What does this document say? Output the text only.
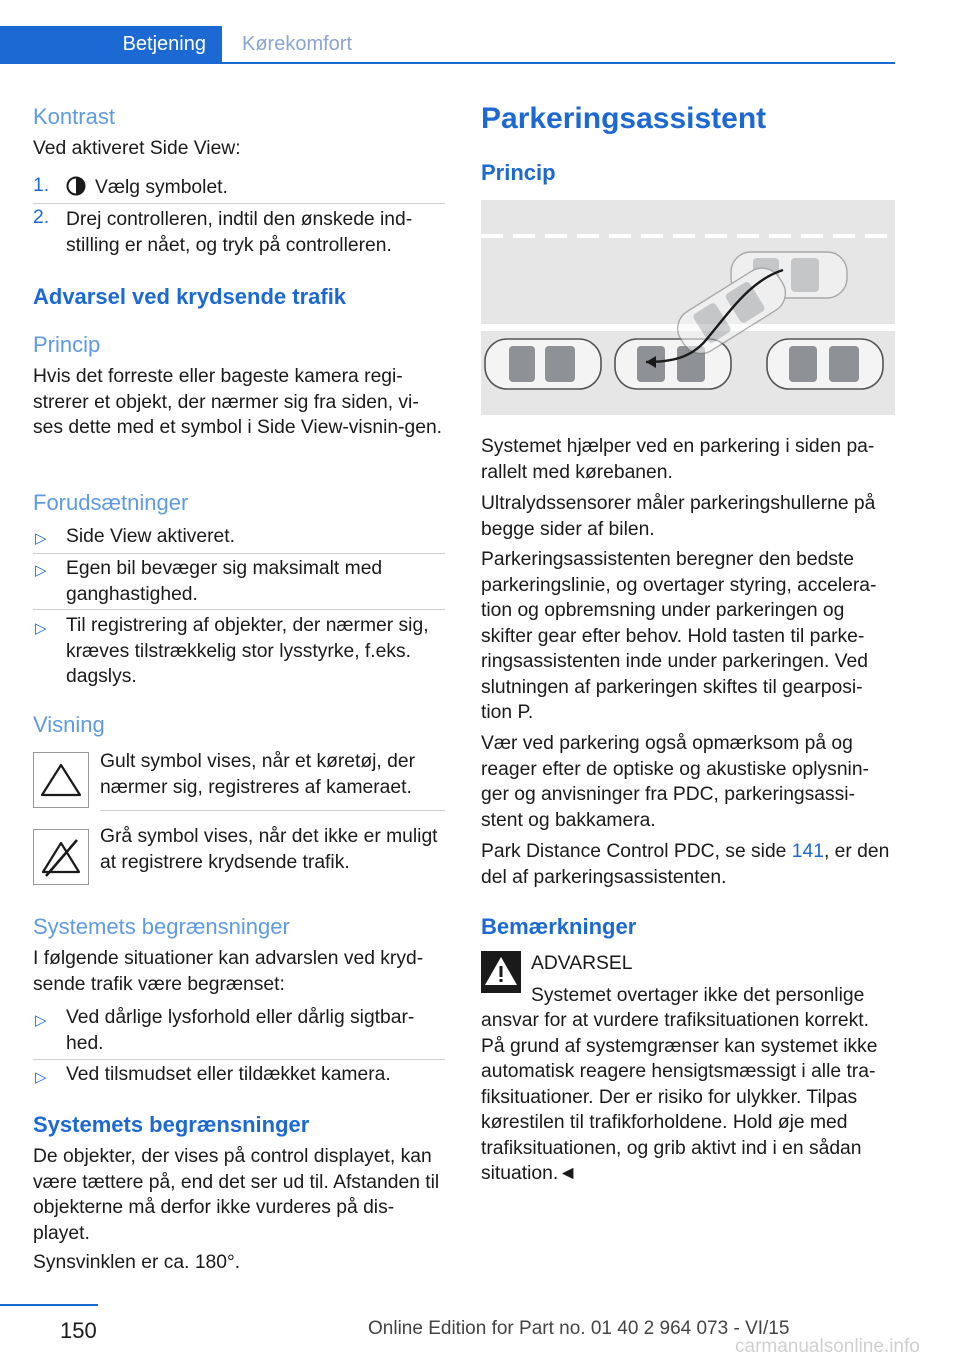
Betjening	Kørekomfort
Kontrast

Ved aktiveret Side View:

1. Vælg symbolet.
2. Drej controlleren, indtil den ønskede ind‐stilling er nået, og tryk på controlleren.
Advarsel ved krydsende trafik
Princip

Hvis det forreste eller bageste kamera regi‐strerer et objekt, der nærmer sig fra siden, vi‐ses dette med et symbol i Side View-visnin‐gen.

Forudsætninger
▷ Side View aktiveret.
▷ Egen bil bevæger sig maksimalt med ganghastighed.
▷ Til registrering af objekter, der nærmer sig, kræves tilstrækkelig stor lysstyrke, f.eks. dagslys.
Visning

Gult symbol vises, når et køretøj, der nærmer sig, registreres af kameraet.

Grå symbol vises, når det ikke er muligt at registrere krydsende trafik.

Systemets begrænsninger

I følgende situationer kan advarslen ved kryd‐sende trafik være begrænset:

▷ Ved dårlige lysforhold eller dårlig sigtbar‐hed.
▷ Ved tilsmudset eller tildækket kamera.
Systemets begrænsninger

De objekter, der vises på control displayet, kan være tættere på, end det ser ud til. Afstanden til objekterne må derfor ikke vurderes på dis‐playet.

Synsvinklen er ca. 180°.

Parkeringsassistent
Princip

Systemet hjælper ved en parkering i siden pa‐rallelt med kørebanen.

Ultralydssensorer måler parkeringshullerne på begge sider af bilen.

Parkeringsassistenten beregner den bedste parkeringslinie, og overtager styring, accelera‐tion og opbremsning under parkeringen og skifter gear efter behov. Hold tasten til parke‐ringsassistenten inde under parkeringen. Ved slutningen af parkeringen skiftes til gearposi‐tion P.

Vær ved parkering også opmærksom på og reager efter de optiske og akustiske oplysnin‐ger og anvisninger fra PDC, parkeringsassi‐stent og bakkamera.

Park Distance Control PDC, se side 141, er den del af parkeringsassistenten.

Bemærkninger

ADVARSEL

Systemet overtager ikke det personlige

ansvar for at vurdere trafiksituationen korrekt. På grund af systemgrænser kan systemet ikke automatisk reagere hensigtsmæssigt i alle tra‐fiksituationer. Der er risiko for ulykker. Tilpas kørestilen til trafikforholdene. Hold øje med trafiksituationen, og grib aktivt ind i en sådan situation.◄

150	Online Edition for Part no. 01 40 2 964 073 - VI/15
carmanualsonline.info
